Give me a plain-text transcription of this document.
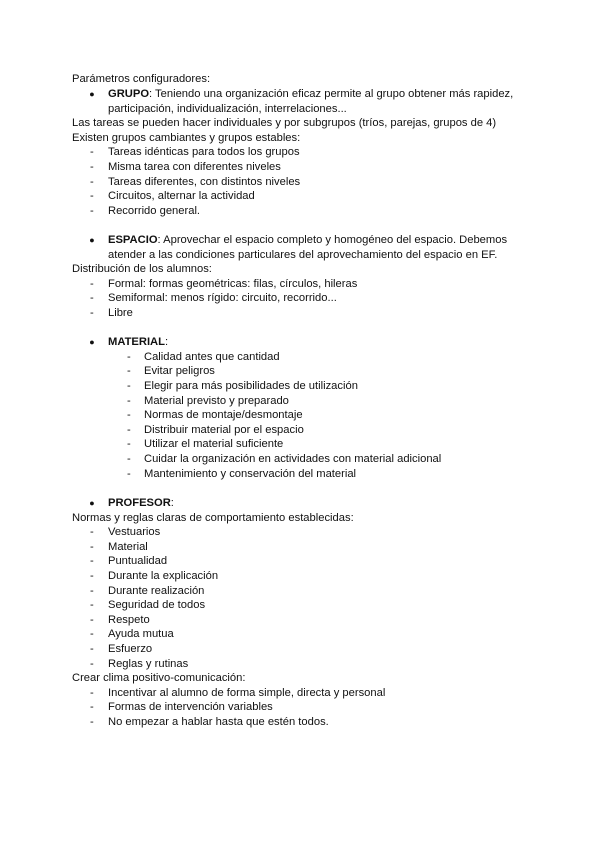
Parámetros configuradores:
● GRUPO: Teniendo una organización eficaz permite al grupo obtener más rapidez,
participación, individualización, interrelaciones...
Las tareas se pueden hacer individuales y por subgrupos (tríos, parejas, grupos de 4)
Existen grupos cambiantes y grupos estables:
-	Tareas idénticas para todos los grupos
-	Misma tarea con diferentes niveles
-	Tareas diferentes, con distintos niveles
-	Circuitos, alternar la actividad
-	Recorrido general.
● ESPACIO: Aprovechar el espacio completo y homogéneo del espacio. Debemos
atender a las condiciones particulares del aprovechamiento del espacio en EF.
Distribución de los alumnos:
-	Formal: formas geométricas: filas, círculos, hileras
-	Semiformal: menos rígido: circuito, recorrido...
-	Libre
● MATERIAL:
-	Calidad antes que cantidad
-	Evitar peligros
-	Elegir para más posibilidades de utilización
-	Material previsto y preparado
-	Normas de montaje/desmontaje
-	Distribuir material por el espacio
-	Utilizar el material suficiente
-	Cuidar la organización en actividades con material adicional
-	Mantenimiento y conservación del material
● PROFESOR:
Normas y reglas claras de comportamiento establecidas:
-	Vestuarios
-	Material
-	Puntualidad
-	Durante la explicación
-	Durante realización
-	Seguridad de todos
-	Respeto
-	Ayuda mutua
-	Esfuerzo
-	Reglas y rutinas
Crear clima positivo-comunicación:
-	Incentivar al alumno de forma simple, directa y personal
-	Formas de intervención variables
-	No empezar a hablar hasta que estén todos.
